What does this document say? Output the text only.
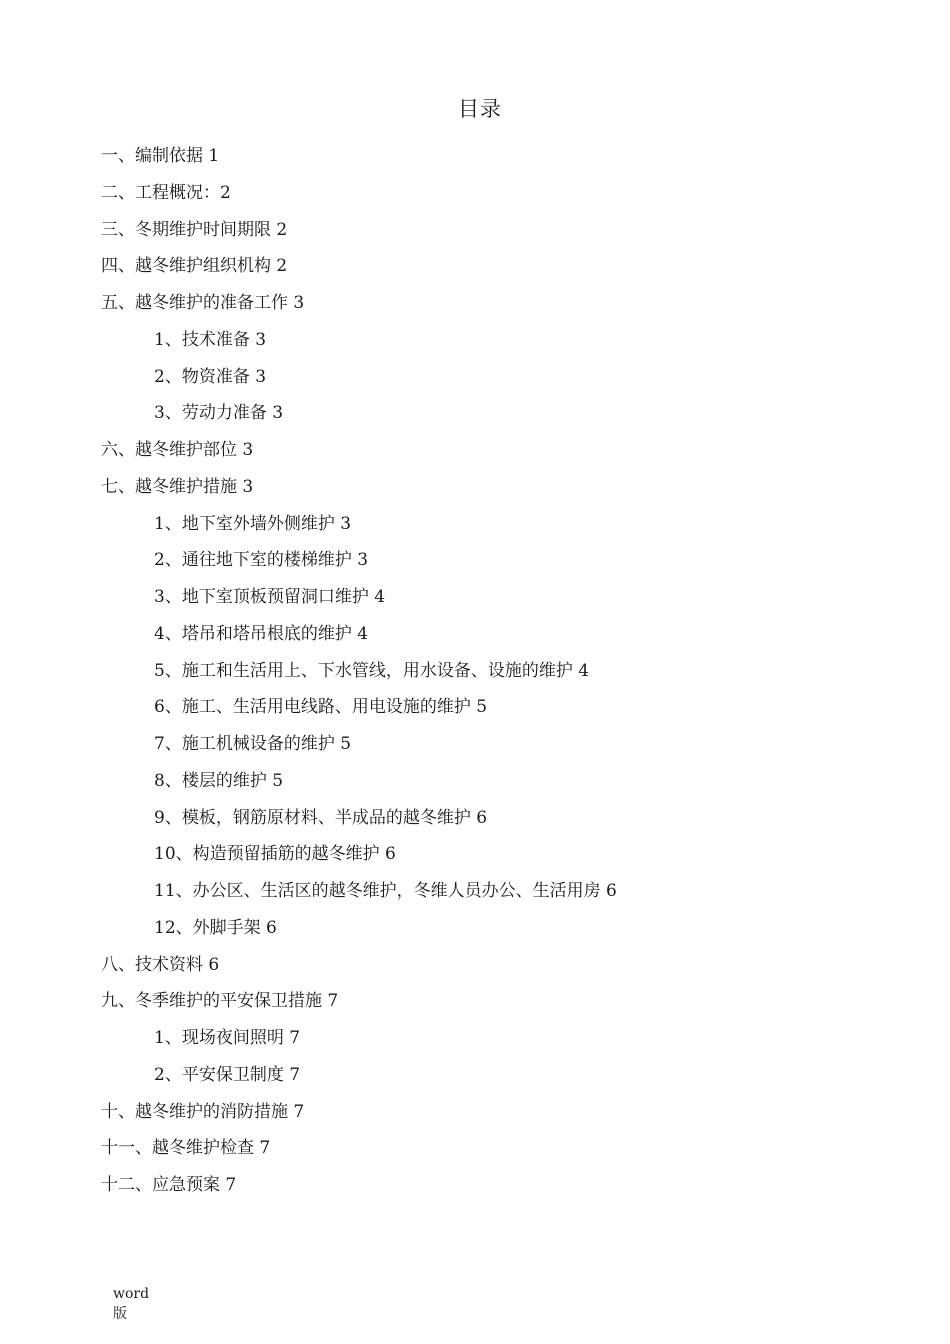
目录
一、编制依据 1
二、工程概况：2
三、冬期维护时间期限 2
四、越冬维护组织机构 2
五、越冬维护的准备工作 3
1、技术准备 3
2、物资准备 3
3、劳动力准备 3
六、越冬维护部位 3
七、越冬维护措施 3
1、地下室外墙外侧维护 3
2、通往地下室的楼梯维护 3
3、地下室顶板预留洞口维护 4
4、塔吊和塔吊根底的维护 4
5、施工和生活用上、下水管线，用水设备、设施的维护 4
6、施工、生活用电线路、用电设施的维护 5
7、施工机械设备的维护 5
8、楼层的维护 5
9、模板，钢筋原材料、半成品的越冬维护 6
10、构造预留插筋的越冬维护 6
11、办公区、生活区的越冬维护，冬维人员办公、生活用房 6
12、外脚手架 6
八、技术资料 6
九、冬季维护的平安保卫措施 7
1、现场夜间照明 7
2、平安保卫制度 7
十、越冬维护的消防措施 7
十一、越冬维护检查 7
十二、应急预案 7
word
版
